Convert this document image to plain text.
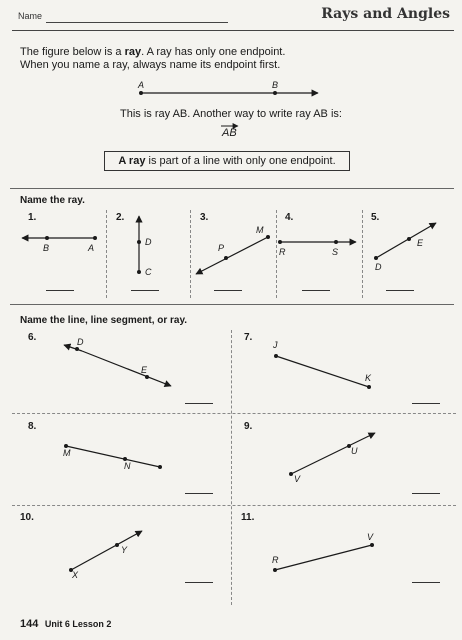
Name	Rays and Angles
The figure below is a ray. A ray has only one endpoint.
When you name a ray, always name its endpoint first.
A	B
This is ray AB. Another way to write ray AB is:
AB
A ray is part of a line with only one endpoint.
Name the ray.
1.	2.	3.	4.	5.
B	A
D
C
M
P	R	S
E
D
Name the line, line segment, or ray.
6.	7.
8.	9.
10.	11.
D
E
J
K
M
N
U
V
Y
X
V
R
144 Unit 6 Lesson 2
